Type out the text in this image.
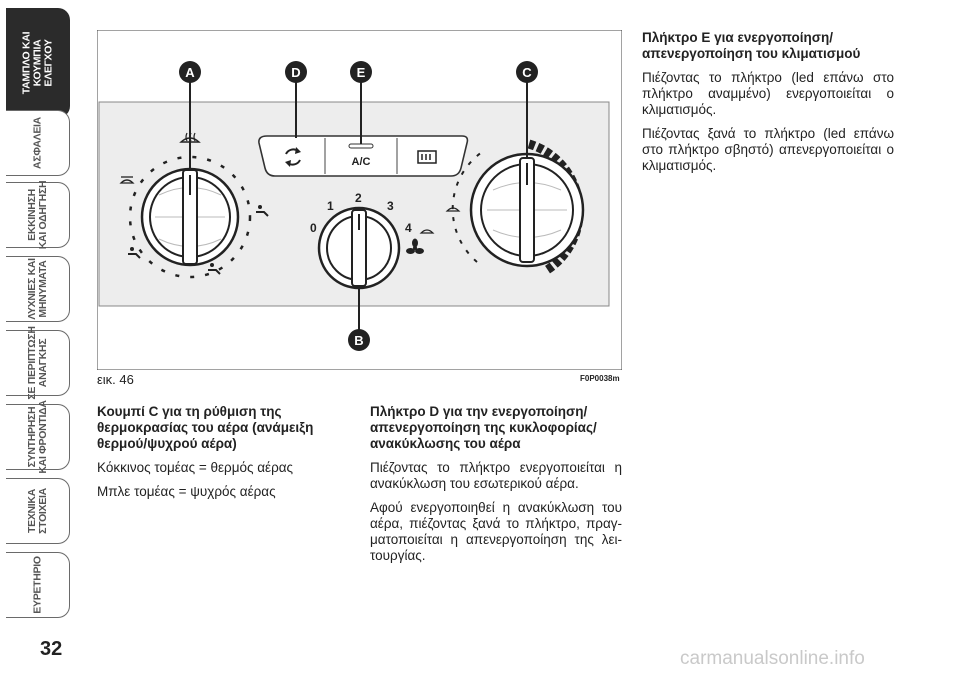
ΤΑΜΠΛΟ ΚΑΙ
ΚΟΥΜΠΙΑ
ΕΛΕΓΧΟΥ
ΑΣΦΑΛΕΙΑ
ΕΚΚΙΝΗΣΗ
ΚΑΙ ΟΔΗΓΗΣΗ
ΛΥΧΝΙΕΣ ΚΑΙ
ΜΗΝΥΜΑΤΑ
ΣΕ ΠΕΡΙΠΤΩΣΗ
ΑΝΑΓΚΗΣ
ΣΥΝΤΗΡΗΣΗ
ΚΑΙ ΦΡΟΝΤΙΔΑ
ΤΕΧΝΙΚΑ
ΣΤΟΙΧΕΙΑ
ΕΥΡΕΤΗΡΙΟ
32
A/C
0
1
2
3
4
A	D	E	C
B
εικ. 46	F0P0038m
Κουμπί C για τη ρύθμιση της θερμοκρασίας του αέρα (ανάμειξη θερμού/ψυχρού αέρα)

Κόκκινος τομέας = θερμός αέρας

Μπλε τομέας = ψυχρός αέρας

Πλήκτρο D για την ενεργοποίηση/απενεργοποίηση της κυκλοφορίας/ανακύκλωσης του αέρα

Πιέζοντας το πλήκτρο ενεργοποιείται η ανακύκλωση του εσωτερικού αέρα.

Αφού ενεργοποιηθεί η ανακύκλωση του αέρα, πιέζοντας ξανά το πλήκτρο, πραγ-ματοποιείται η απενεργοποίηση της λει-τουργίας.

Πλήκτρο E για ενεργοποίηση/απενεργοποίηση του κλιματισμού

Πιέζοντας το πλήκτρο (led επάνω στο πλήκτρο αναμμένο) ενεργοποιείται ο κλιματισμός.

Πιέζοντας ξανά το πλήκτρο (led επάνω στο πλήκτρο σβηστό) απενεργοποιείται ο κλιματισμός.

carmanualsonline.info
